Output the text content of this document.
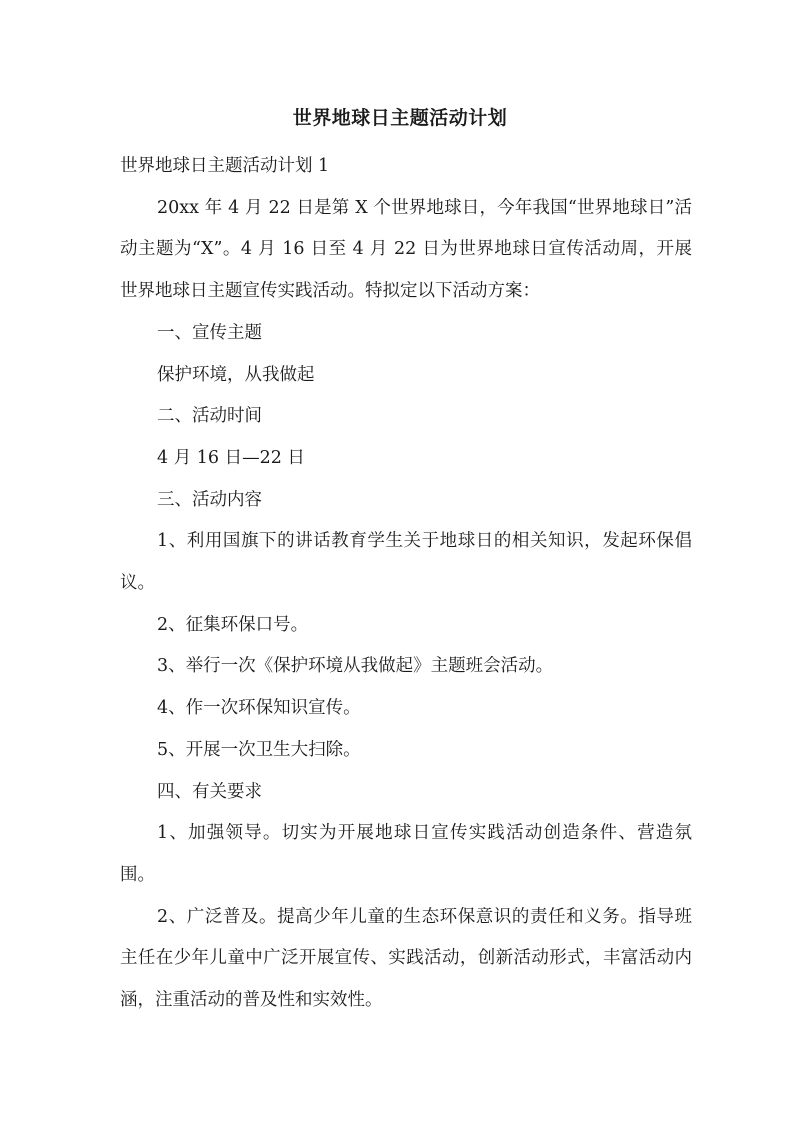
世界地球日主题活动计划

世界地球日主题活动计划 1

20xx 年 4 月 22 日是第 X 个世界地球日，今年我国“世界地球日”活动主题为“X”。4 月 16 日至 4 月 22 日为世界地球日宣传活动周，开展世界地球日主题宣传实践活动。特拟定以下活动方案：

一、宣传主题

保护环境，从我做起

二、活动时间

4 月 16 日—22 日

三、活动内容

1、利用国旗下的讲话教育学生关于地球日的相关知识，发起环保倡议。

2、征集环保口号。

3、举行一次《保护环境从我做起》主题班会活动。

4、作一次环保知识宣传。

5、开展一次卫生大扫除。

四、有关要求

1、加强领导。切实为开展地球日宣传实践活动创造条件、营造氛围。

2、广泛普及。提高少年儿童的生态环保意识的责任和义务。指导班主任在少年儿童中广泛开展宣传、实践活动，创新活动形式，丰富活动内涵，注重活动的普及性和实效性。
